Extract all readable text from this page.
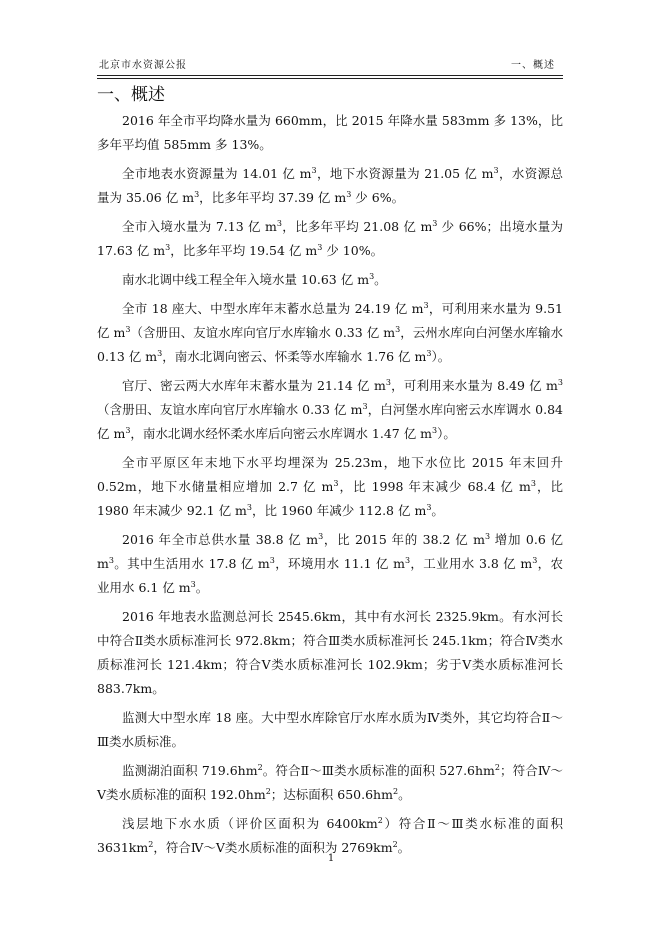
北京市水资源公报	一、概述
一、概述

2016 年全市平均降水量为 660mm，比 2015 年降水量 583mm 多 13%，比多年平均值 585mm 多 13%。

全市地表水资源量为 14.01 亿 $m^3$，地下水资源量为 21.05 亿 $m^3$，水资源总量为 35.06 亿 $m^3$，比多年平均 37.39 亿 $m^3$ 少 6%。

全市入境水量为 7.13 亿 $m^3$，比多年平均 21.08 亿 $m^3$ 少 66%；出境水量为 17.63 亿 $m^3$，比多年平均 19.54 亿 $m^3$ 少 10%。

南水北调中线工程全年入境水量 10.63 亿 $m^3$。

全市 18 座大、中型水库年末蓄水总量为 24.19 亿 $m^3$，可利用来水量为 9.51 亿 $m^3$（含册田、友谊水库向官厅水库输水 0.33 亿 $m^3$，云州水库向白河堡水库输水 0.13 亿 $m^3$，南水北调向密云、怀柔等水库输水 1.76 亿 $m^3$）。

官厅、密云两大水库年末蓄水量为 21.14 亿 $m^3$，可利用来水量为 8.49 亿 $m^3$（含册田、友谊水库向官厅水库输水 0.33 亿 $m^3$，白河堡水库向密云水库调水 0.84 亿 $m^3$，南水北调水经怀柔水库后向密云水库调水 1.47 亿 $m^3$）。

全市平原区年末地下水平均埋深为 25.23m，地下水位比 2015 年末回升 0.52m，地下水储量相应增加 2.7 亿 $m^3$，比 1998 年末减少 68.4 亿 $m^3$，比 1980 年末减少 92.1 亿 $m^3$，比 1960 年减少 112.8 亿 $m^3$。

2016 年全市总供水量 38.8 亿 $m^3$，比 2015 年的 38.2 亿 $m^3$ 增加 0.6 亿 $m^3$。其中生活用水 17.8 亿 $m^3$，环境用水 11.1 亿 $m^3$，工业用水 3.8 亿 $m^3$，农业用水 6.1 亿 $m^3$。

2016 年地表水监测总河长 2545.6km，其中有水河长 2325.9km。有水河长中符合Ⅱ类水质标准河长 972.8km；符合Ⅲ类水质标准河长 245.1km；符合Ⅳ类水质标准河长 121.4km；符合Ⅴ类水质标准河长 102.9km；劣于Ⅴ类水质标准河长 883.7km。

监测大中型水库 18 座。大中型水库除官厅水库水质为Ⅳ类外，其它均符合Ⅱ～Ⅲ类水质标准。

监测湖泊面积 $719.6hm^2$。符合Ⅱ～Ⅲ类水质标准的面积 $527.6hm^2$；符合Ⅳ～Ⅴ类水质标准的面积 $192.0hm^2$；达标面积 $650.6hm^2$。

浅层地下水水质（评价区面积为 $6400km^2$）符合Ⅱ～Ⅲ类水标准的面积 $3631km^2$，符合Ⅳ～Ⅴ类水质标准的面积为 $2769km^2$。

1
